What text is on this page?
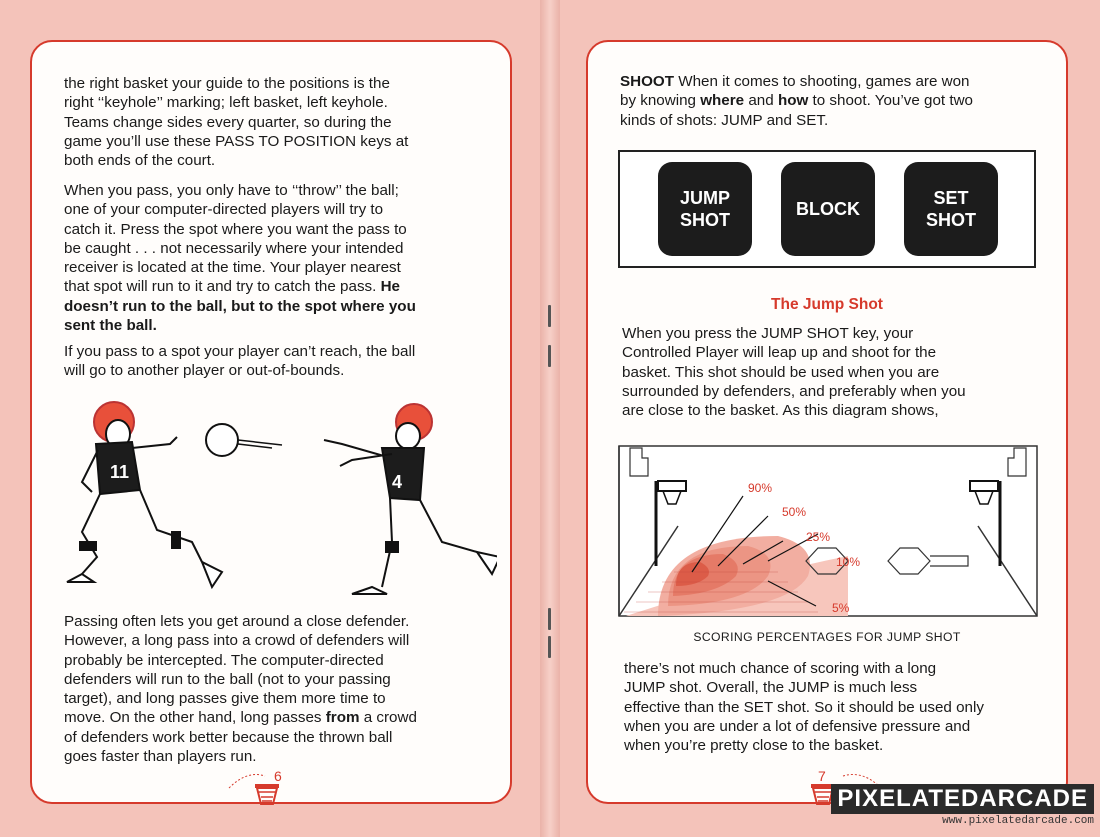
the right basket your guide to the positions is the
right ‘‘keyhole’’ marking; left basket, left keyhole.
Teams change sides every quarter, so during the
game you’ll use these PASS TO POSITION keys at
both ends of the court.

When you pass, you only have to ‘‘throw’’ the ball;
one of your computer-directed players will try to
catch it. Press the spot where you want the pass to
be caught . . . not necessarily where your intended
receiver is located at the time. Your player nearest
that spot will run to it and try to catch the pass. He
doesn’t run to the ball, but to the spot where you
sent the ball.

If you pass to a spot your player can’t reach, the ball
will go to another player or out-of-bounds.

11	4

Passing often lets you get around a close defender.
However, a long pass into a crowd of defenders will
probably be intercepted. The computer-directed
defenders will run to the ball (not to your passing
target), and long passes give them more time to
move. On the other hand, long passes from a crowd
of defenders work better because the thrown ball
goes faster than players run.

6

SHOOT When it comes to shooting, games are won
by knowing where and how to shoot. You’ve got two
kinds of shots: JUMP and SET.

JUMP
SHOT
BLOCK
SET
SHOT
The Jump Shot

When you press the JUMP SHOT key, your
Controlled Player will leap up and shoot for the
basket. This shot should be used when you are
surrounded by defenders, and preferably when you
are close to the basket. As this diagram shows,

90%
50%
25%
10%
5%
SCORING PERCENTAGES FOR JUMP SHOT

there’s not much chance of scoring with a long
JUMP shot. Overall, the JUMP is much less
effective than the SET shot. So it should be used only
when you are under a lot of defensive pressure and
when you’re pretty close to the basket.

7
PIXELATEDARCADE
www.pixelatedarcade.com
